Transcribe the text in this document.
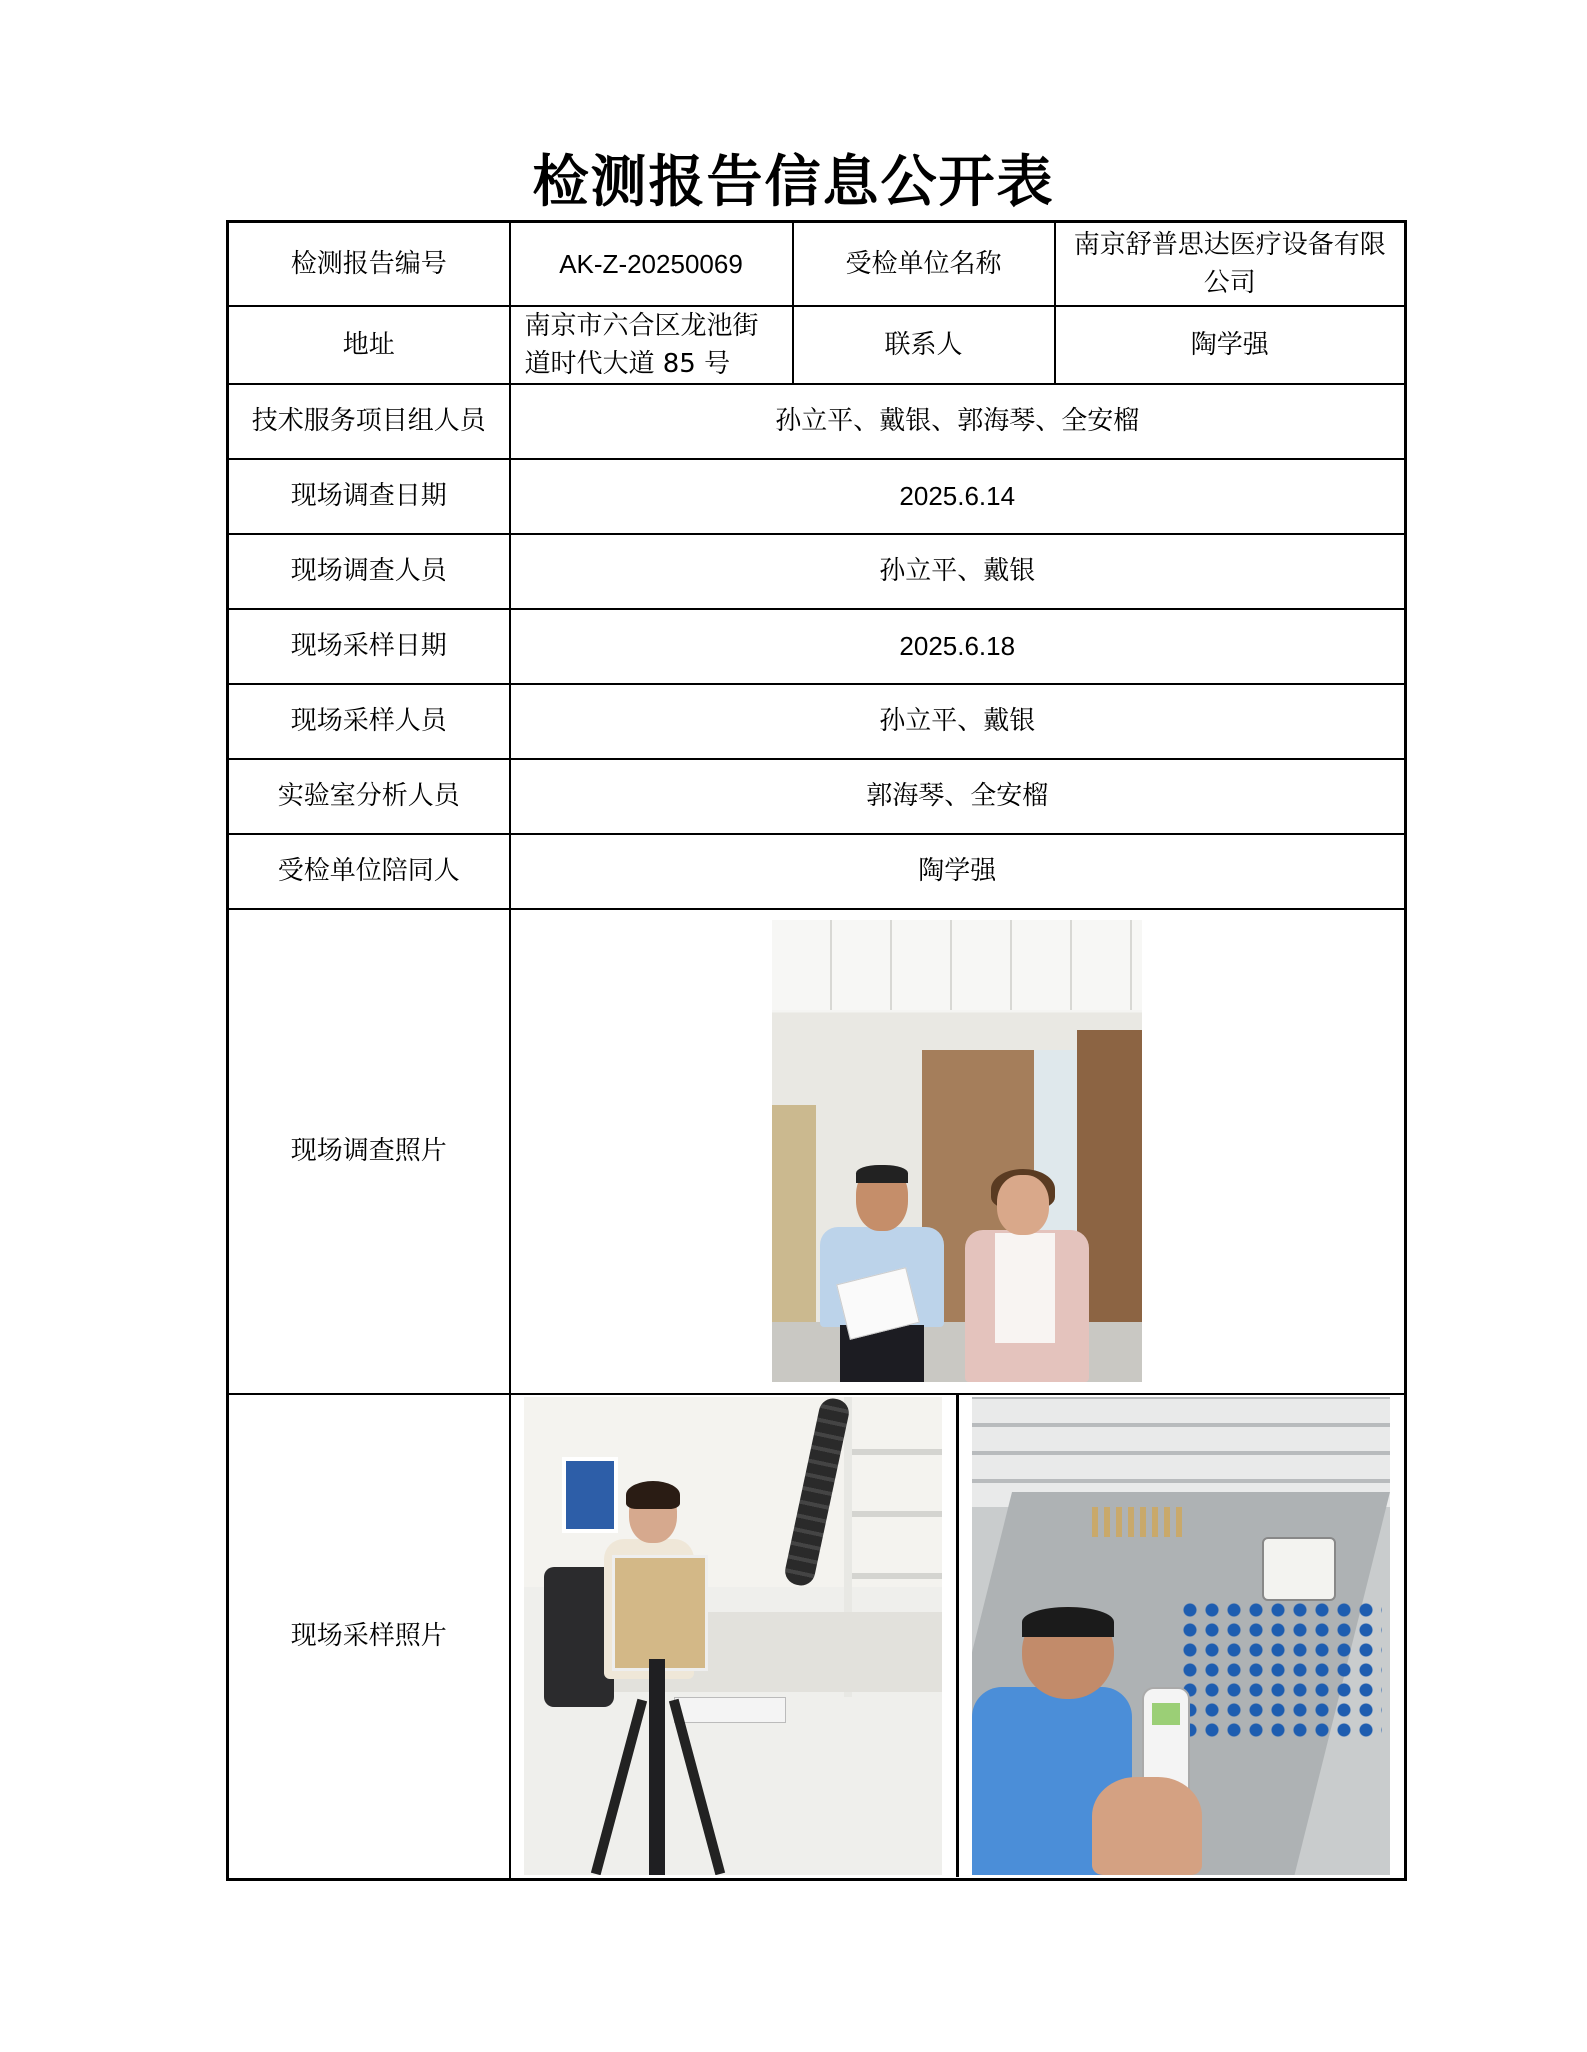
检测报告信息公开表
检测报告编号	AK-Z-20250069	受检单位名称	南京舒普思达医疗设备有限公司
地址	南京市六合区龙池街道时代大道 85 号	联系人	陶学强
技术服务项目组人员	孙立平、戴银、郭海琴、全安榴		
现场调查日期	2025.6.14		
现场调查人员	孙立平、戴银		
现场采样日期	2025.6.18		
现场采样人员	孙立平、戴银		
实验室分析人员	郭海琴、全安榴		
受检单位陪同人	陶学强		
现场调查照片			

现场采样照片			
